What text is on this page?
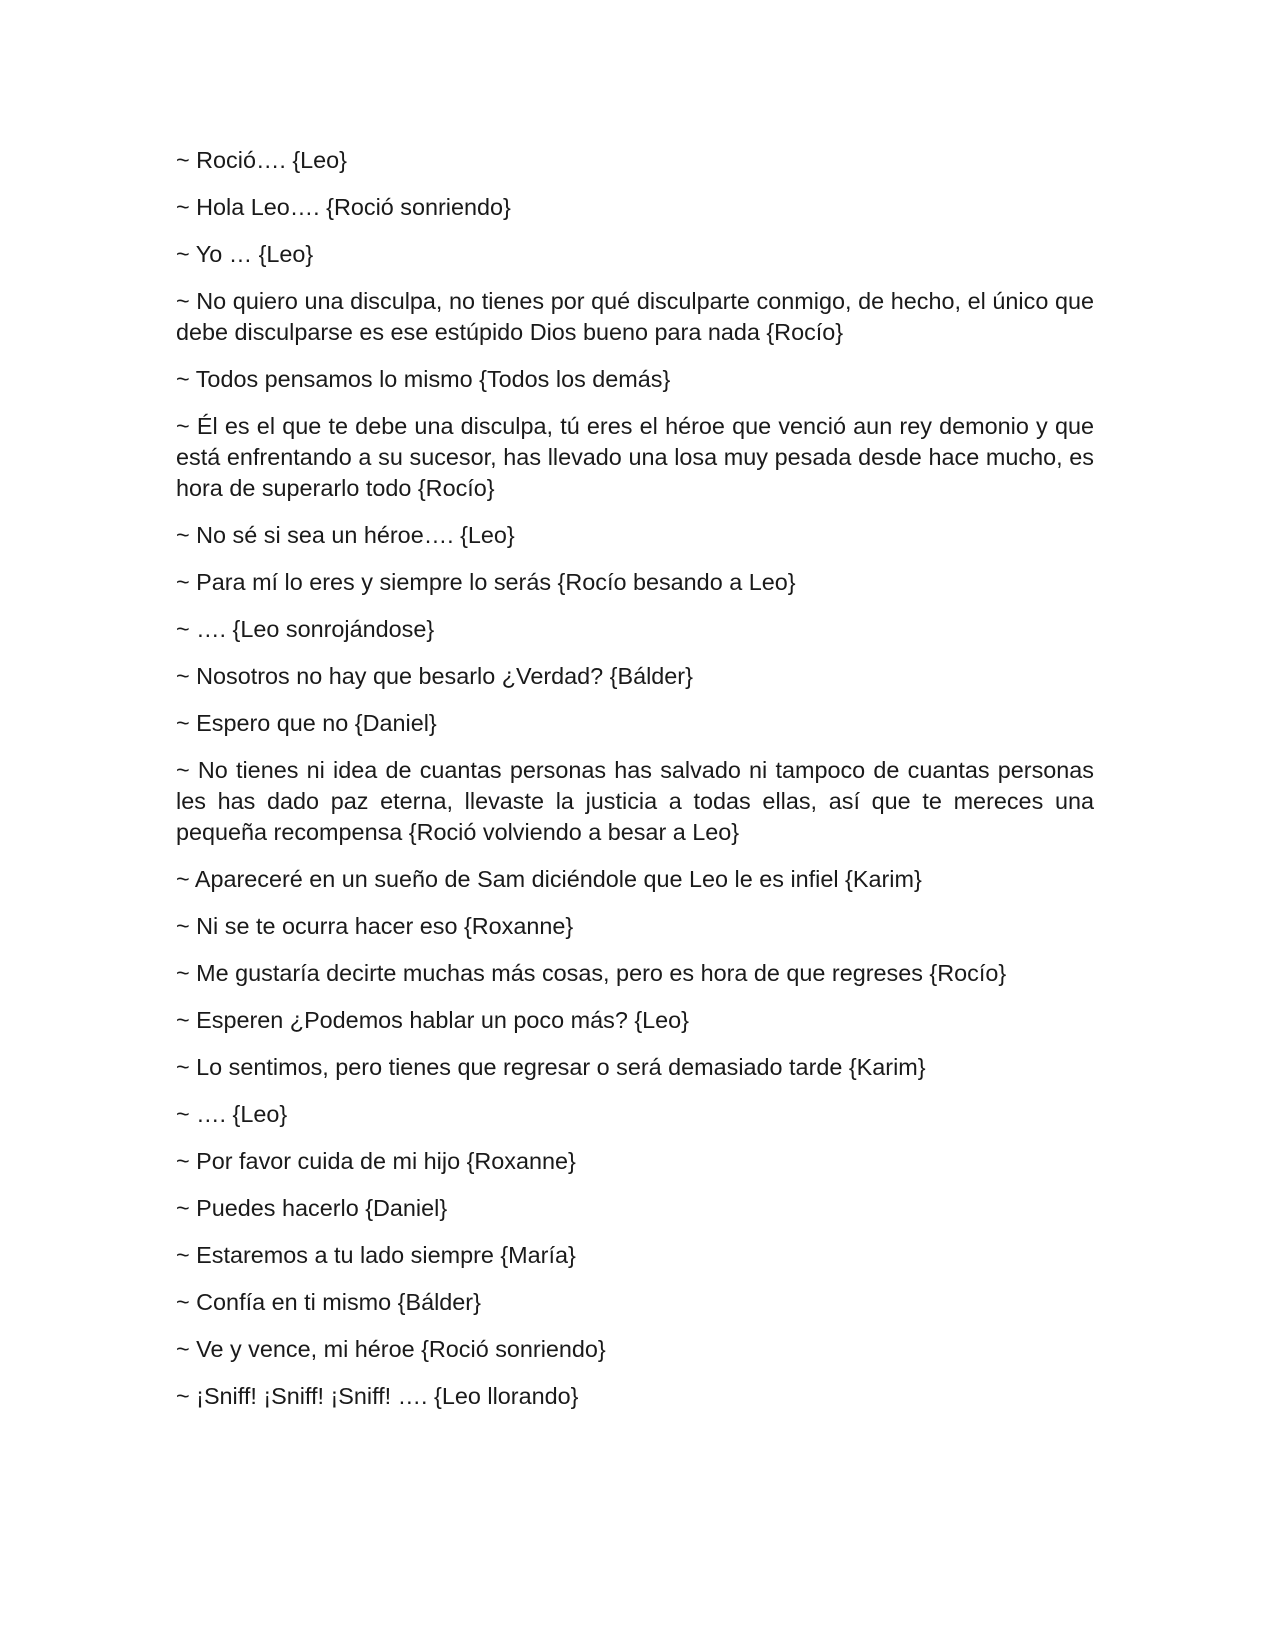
~ Roció…. {Leo}

~ Hola Leo…. {Roció sonriendo}

~ Yo … {Leo}

~ No quiero una disculpa, no tienes por qué disculparte conmigo, de hecho, el único que debe disculparse es ese estúpido Dios bueno para nada {Rocío}

~ Todos pensamos lo mismo {Todos los demás}

~ Él es el que te debe una disculpa, tú eres el héroe que venció aun rey demonio y que está enfrentando a su sucesor, has llevado una losa muy pesada desde hace mucho, es hora de superarlo todo {Rocío}

~ No sé si sea un héroe…. {Leo}

~ Para mí lo eres y siempre lo serás {Rocío besando a Leo}

~ …. {Leo sonrojándose}

~ Nosotros no hay que besarlo ¿Verdad? {Bálder}

~ Espero que no {Daniel}

~ No tienes ni idea de cuantas personas has salvado ni tampoco de cuantas personas les has dado paz eterna, llevaste la justicia a todas ellas, así que te mereces una pequeña recompensa {Roció volviendo a besar a Leo}

~ Apareceré en un sueño de Sam diciéndole que Leo le es infiel {Karim}

~ Ni se te ocurra hacer eso {Roxanne}

~ Me gustaría decirte muchas más cosas, pero es hora de que regreses {Rocío}

~ Esperen ¿Podemos hablar un poco más? {Leo}

~ Lo sentimos, pero tienes que regresar o será demasiado tarde {Karim}

~ …. {Leo}

~ Por favor cuida de mi hijo {Roxanne}

~ Puedes hacerlo {Daniel}

~ Estaremos a tu lado siempre {María}

~ Confía en ti mismo {Bálder}

~ Ve y vence, mi héroe {Roció sonriendo}

~ ¡Sniff! ¡Sniff! ¡Sniff! …. {Leo llorando}
